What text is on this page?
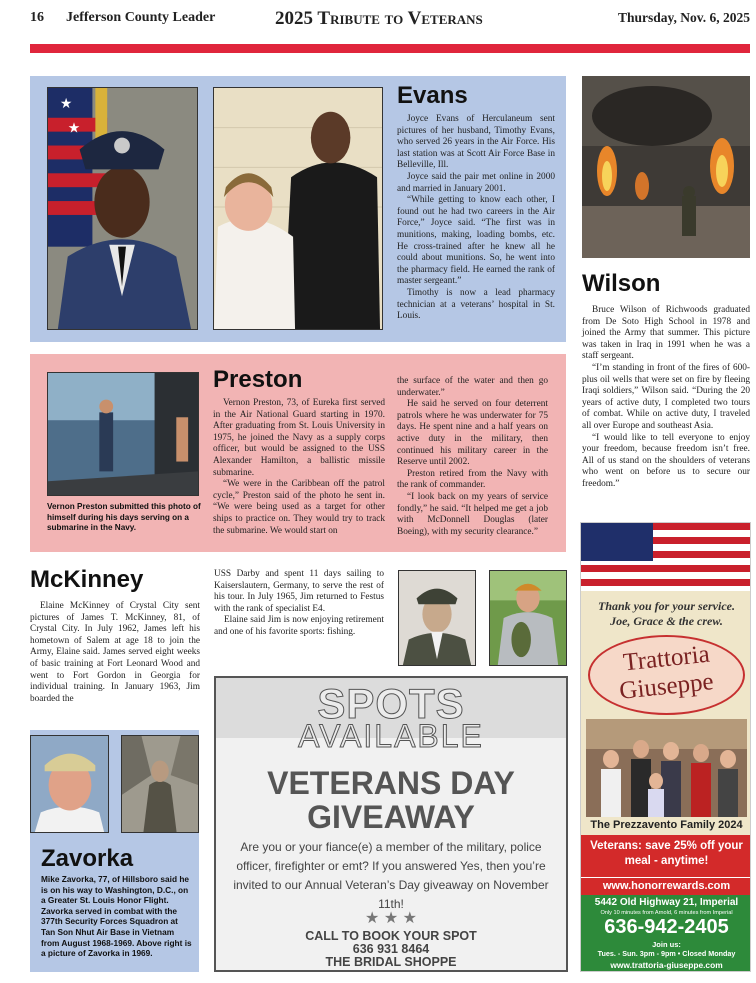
16 Jefferson County Leader	2025 Tribute to Veterans	Thursday, Nov. 6, 2025
★
★
Evans

Joyce Evans of Herculaneum sent pictures of her husband, Timothy Evans, who served 26 years in the Air Force. His last station was at Scott Air Force Base in Belleville, Ill.

Joyce said the pair met online in 2000 and married in January 2001.

“While getting to know each other, I found out he had two careers in the Air Force,” Joyce said. “The first was in munitions, making, loading bombs, etc. He cross-trained after he knew all he could about munitions. So, he went into the pharmacy field. He earned the rank of master sergeant.”

Timothy is now a lead pharmacy technician at a veterans’ hospital in St. Louis.

Wilson

Bruce Wilson of Richwoods graduated from De Soto High School in 1978 and joined the Army that summer. This picture was taken in Iraq in 1991 when he was a staff sergeant.

“I’m standing in front of the fires of 600-plus oil wells that were set on fire by fleeing Iraqi soldiers,” Wilson said. “During the 20 years of active duty, I completed two tours of combat. While on active duty, I traveled all over Europe and southeast Asia.

“I would like to tell everyone to enjoy your freedom, because freedom isn’t free. All of us stand on the shoulders of veterans who went on before us to secure our freedom.”

Vernon Preston submitted this photo of himself during his days serving on a submarine in the Navy.
Preston

Vernon Preston, 73, of Eureka first served in the Air National Guard starting in 1970. After graduating from St. Louis University in 1975, he joined the Navy as a supply corps officer, but would be assigned to the USS Alexander Hamilton, a ballistic missile submarine.

“We were in the Caribbean off the patrol cycle,” Preston said of the photo he sent in. “We were being used as a target for other ships to practice on. They would try to track the submarine. We would start on

the surface of the water and then go underwater.”

He said he served on four deterrent patrols where he was underwater for 75 days. He spent nine and a half years on active duty in the military, then continued his military career in the Reserve until 2002.

Preston retired from the Navy with the rank of commander.

“I look back on my years of service fondly,” he said. “It helped me get a job with McDonnell Douglas (later Boeing), with my security clearance.”

McKinney

Elaine McKinney of Crystal City sent pictures of James T. McKinney, 81, of Crystal City. In July 1962, James left his hometown of Salem at age 18 to join the Army, Elaine said. James served eight weeks of basic training at Fort Leonard Wood and went to Fort Gordon in Georgia for individual training. In January 1963, Jim boarded the

USS Darby and spent 11 days sailing to Kaiserslautern, Germany, to serve the rest of his tour. In July 1965, Jim returned to Festus with the rank of specialist E4.

Elaine said Jim is now enjoying retirement and one of his favorite sports: fishing.

Zavorka
Mike Zavorka, 77, of Hillsboro said he is on his way to Washington, D.C., on a Greater St. Louis Honor Flight. Zavorka served in combat with the 377th Security Forces Squadron at Tan Son Nhut Air Base in Vietnam from August 1968-1969. Above right is a picture of Zavorka in 1969.
SPOTS
AVAILABLE
VETERANS DAY
GIVEAWAY
Are you or your fiance(e) a member of the military, police officer, firefighter or emt? If you answered Yes, then you’re invited to our Annual Veteran’s Day giveaway on November 11th!
★ ★ ★
CALL TO BOOK YOUR SPOT
636 931 8464
THE BRIDAL SHOPPE
Thank you for your service.
Joe, Grace & the crew.
Trattoria
Giuseppe
The Prezzavento Family 2024
Veterans: save 25% off your meal - anytime!
www.honorrewards.com
5442 Old Highway 21, Imperial
Only 10 minutes from Arnold, 6 minutes from Imperial
636-942-2405
Join us:
Tues. - Sun. 3pm - 9pm • Closed Monday
www.trattoria-giuseppe.com
